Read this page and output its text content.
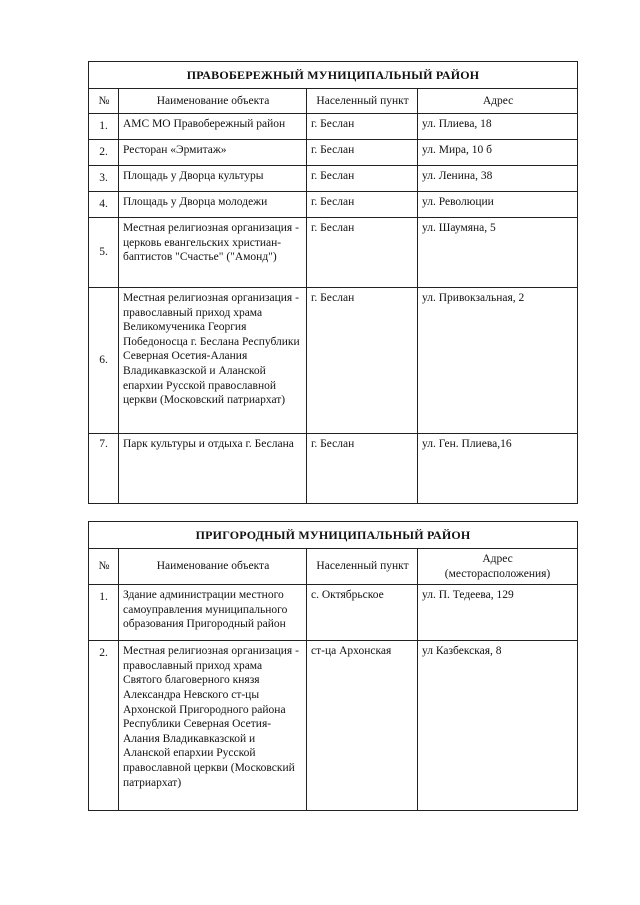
ПРАВОБЕРЕЖНЫЙ МУНИЦИПАЛЬНЫЙ РАЙОН			
№	Наименование объекта	Населенный пункт	Адрес
1.	АМС МО Правобережный район	г. Беслан	ул. Плиева, 18
2.	Ресторан «Эрмитаж»	г. Беслан	ул. Мира, 10 б
3.	Площадь у Дворца культуры	г. Беслан	ул. Ленина, 38
4.	Площадь у Дворца молодежи	г. Беслан	ул. Революции
5.	Местная религиозная организация - церковь евангельских христиан-баптистов "Счастье" ("Амонд")	г. Беслан	ул. Шаумяна, 5
6.	Местная религиозная организация - православный приход храма Великомученика Георгия Победоносца г. Беслана Республики Северная Осетия-Алания Владикавказской и Аланской епархии Русской православной церкви (Московский патриархат)	г. Беслан	ул. Привокзальная, 2
7.	Парк культуры и отдыха г. Беслана	г. Беслан	ул. Ген. Плиева,16
ПРИГОРОДНЫЙ МУНИЦИПАЛЬНЫЙ РАЙОН			
№	Наименование объекта	Населенный пункт	Адрес (месторасположения)
1.	Здание администрации местного самоуправления муниципального образования Пригородный район	с. Октябрьское	ул. П. Тедеева, 129
2.	Местная религиозная организация - православный приход храма Святого благоверного князя Александра Невского ст-цы Архонской Пригородного района Республики Северная Осетия-Алания Владикавказской и Аланской епархии Русской православной церкви (Московский патриархат)	ст-ца Архонская	ул Казбекская, 8
